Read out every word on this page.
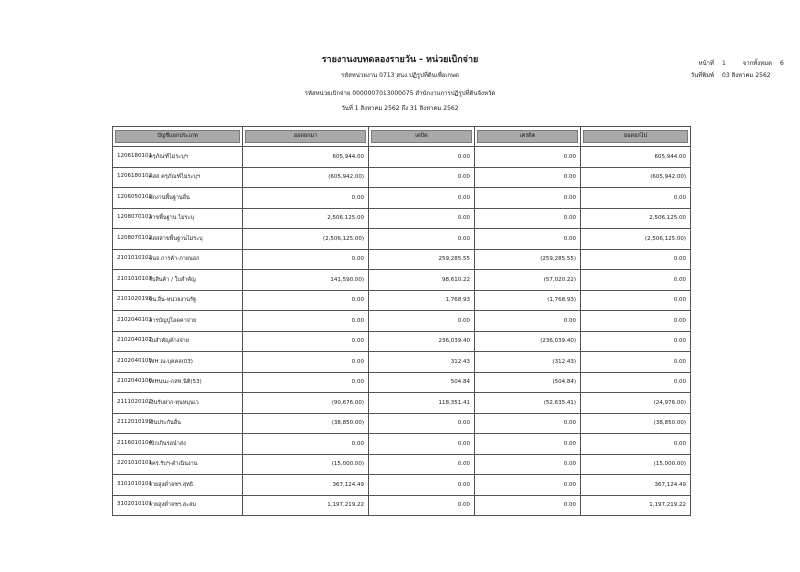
หน้าที่ 1	จากทั้งหมด 6
วันที่พิมพ์ 03 สิงหาคม 2562
รายงานงบทดลองรายวัน - หน่วยเบิกจ่าย
รหัสหน่วยงาน 0713 สนง.ปฏิรูปที่ดินเพื่อเกษต
รหัสหน่วยเบิกจ่าย 0000007013000075 สำนักงานการปฏิรูปที่ดินจังหวัด
วันที่ 1 สิงหาคม 2562 ถึง 31 สิงหาคม 2562
บัญชีแยกประเภท	ยอดยกมา	เดบิต	เครดิต	ยอดยกไป

1206180101
ครุภัณฑ์ไม่ระบุฯ	605,944.00	0.00	0.00	605,944.00

1206180102
คสส ครุภัณฑ์ไม่ระบุฯ	(605,942.00)	0.00	0.00	(605,942.00)

1206050102
พักงานพื้นฐานอื่น	0.00	0.00	0.00	0.00

1208070101
สาขพื้นฐาน ไม่ระบุ	2,506,125.00	0.00	0.00	2,506,125.00

1208070102
คสสสาขพื้นฐานไม่ระบุ	(2,506,125.00)	0.00	0.00	(2,506,125.00)

2101010102
จนจ.การค้า-ภายนอก	0.00	259,285.55	(259,285.55)	0.00

2101010103
รับสินค้า / ใบสำคัญ	141,590.00)	98,610.22	(57,020.22)	0.00

2101020198
จน.อื่น-หน่วยงานรัฐ	0.00	1,768.93	(1,768.93)	0.00

2102040101
สารบัญปูโอดคาจ่าย	0.00	0.00	0.00	0.00

2102040102
ใบสำคัญค้างจ่าย	0.00	236,039.40	(236,039.40)	0.00

2102040105
WH ณ-บุคคล(03)	0.00	312.43	(312.43)	0.00

2102040106
WHนนะ-กสท.นิติ(53)	0.00	504.84	(504.84)	0.00

2111020102
เงินรับฝาก-ทุนหมุนเว	(90,676.00)	118,351.41	(52,635.41)	(24,976.00)

2112010199
เงินประกันอื่น	(38,850.00)	0.00	0.00	(38,850.00)

2116010104
เบิกเกินรอนำส่ง	0.00	0.00	0.00	0.00

2201010101
รคร.รับฯ-ดำเนินงาน	(15,000.00)	0.00	0.00	(15,000.00)

3101010101
รายสูงต่ำจชฯ.สุทธิ	367,124.49	0.00	0.00	367,124.49

3102010101
รายสูงต่ำจชฯ.สะสม	1,197,219.22	0.00	0.00	1,197,219.22
